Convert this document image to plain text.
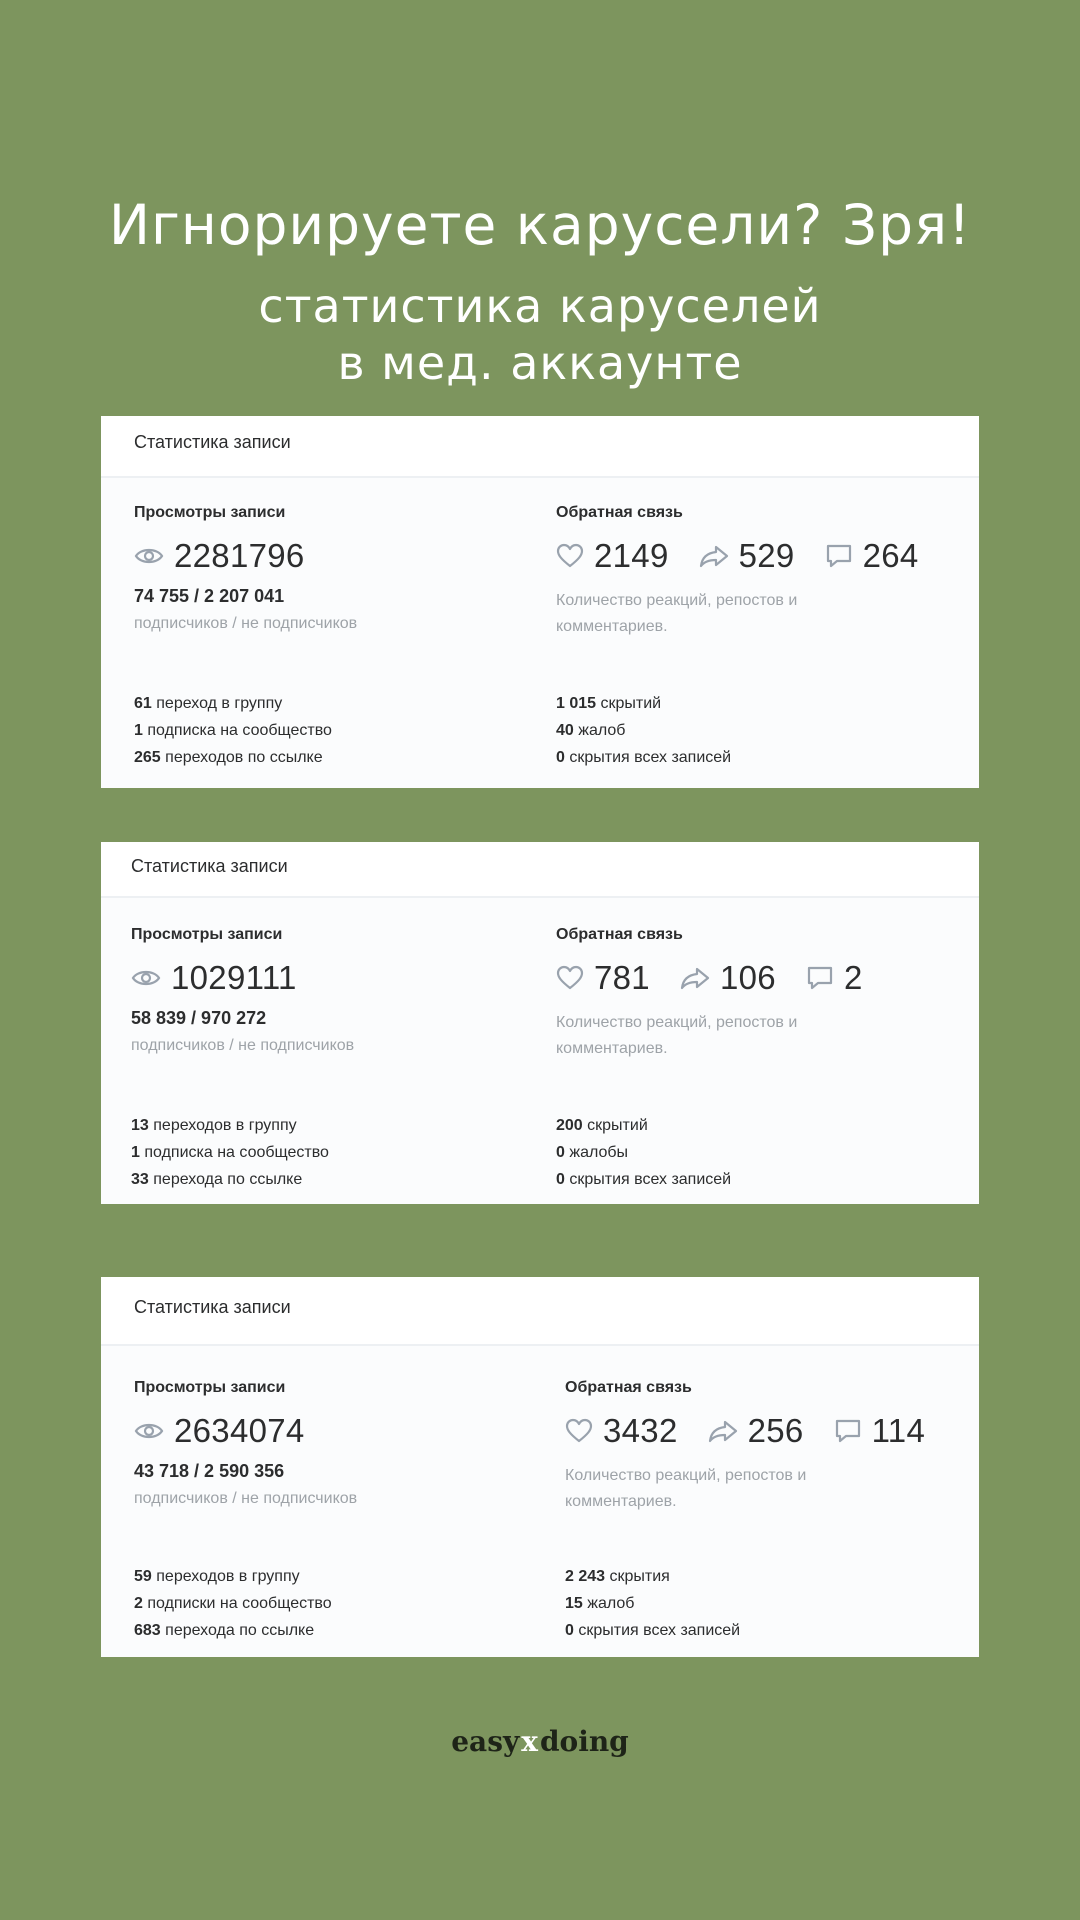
Игнорируете карусели? Зря!
статистика каруселей
в мед. аккаунте
Статистика записи
Просмотры записи
2281796
74 755 / 2 207 041
подписчиков / не подписчиков
Обратная связь
2149 529 264
Количество реакций, репостов и
комментариев.
61 переход в группу
1 подписка на сообщество
265 переходов по ссылке
1 015 скрытий
40 жалоб
0 скрытия всех записей
Статистика записи
Просмотры записи
1029111
58 839 / 970 272
подписчиков / не подписчиков
Обратная связь
781 106 2
Количество реакций, репостов и
комментариев.
13 переходов в группу
1 подписка на сообщество
33 перехода по ссылке
200 скрытий
0 жалобы
0 скрытия всех записей
Статистика записи
Просмотры записи
2634074
43 718 / 2 590 356
подписчиков / не подписчиков
Обратная связь
3432 256 114
Количество реакций, репостов и
комментариев.
59 переходов в группу
2 подписки на сообщество
683 перехода по ссылке
2 243 скрытия
15 жалоб
0 скрытия всех записей
easyxdoing
